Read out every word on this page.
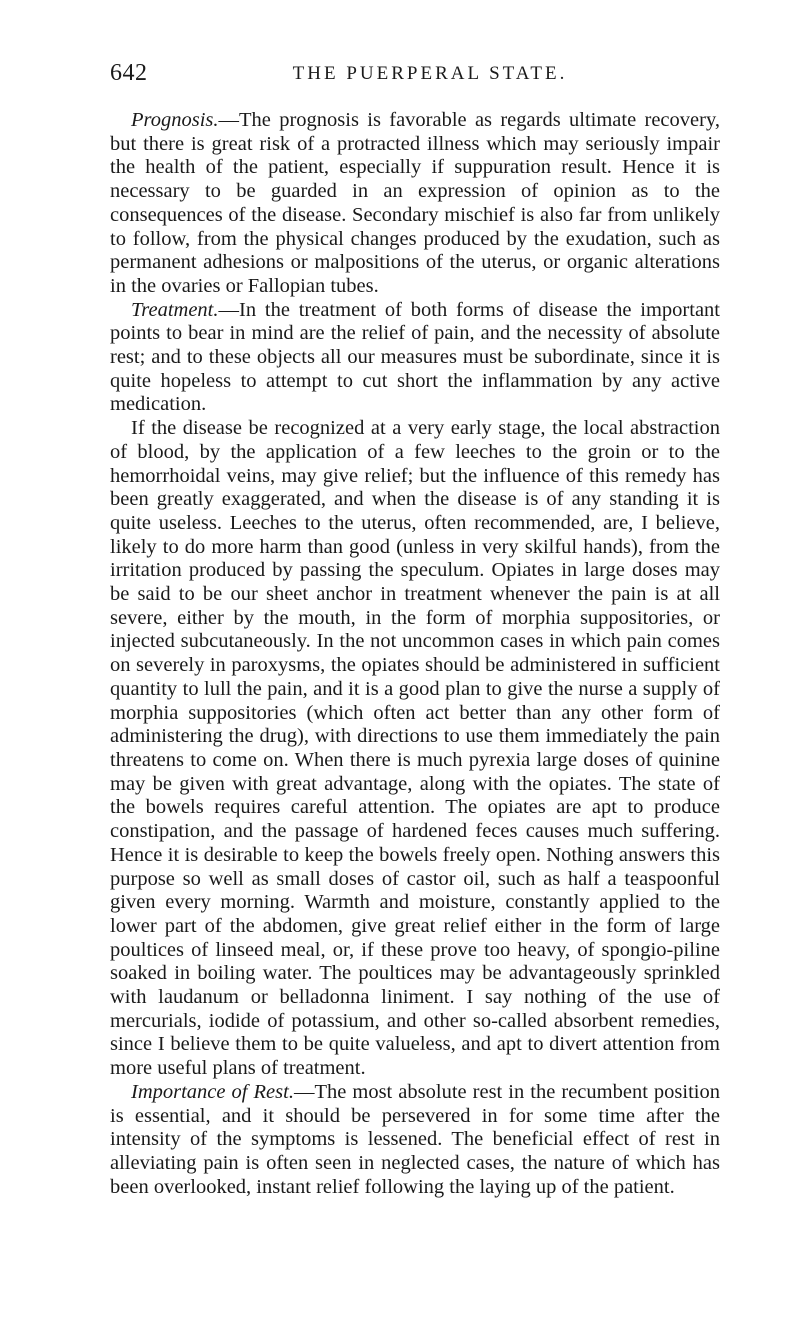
642	THE PUERPERAL STATE.

Prognosis.—The prognosis is favorable as regards ultimate recovery, but there is great risk of a protracted illness which may seriously impair the health of the patient, especially if suppuration result. Hence it is necessary to be guarded in an expression of opinion as to the consequences of the disease. Secondary mischief is also far from unlikely to follow, from the physical changes produced by the exudation, such as permanent adhesions or malpositions of the uterus, or organic alterations in the ovaries or Fallopian tubes.

Treatment.—In the treatment of both forms of disease the important points to bear in mind are the relief of pain, and the necessity of absolute rest; and to these objects all our measures must be subordinate, since it is quite hopeless to attempt to cut short the inflammation by any active medication.

If the disease be recognized at a very early stage, the local abstraction of blood, by the application of a few leeches to the groin or to the hemorrhoidal veins, may give relief; but the influence of this remedy has been greatly exaggerated, and when the disease is of any standing it is quite useless. Leeches to the uterus, often recommended, are, I believe, likely to do more harm than good (unless in very skilful hands), from the irritation produced by passing the speculum. Opiates in large doses may be said to be our sheet anchor in treatment whenever the pain is at all severe, either by the mouth, in the form of morphia suppositories, or injected subcutaneously. In the not uncommon cases in which pain comes on severely in paroxysms, the opiates should be administered in sufficient quantity to lull the pain, and it is a good plan to give the nurse a supply of morphia suppositories (which often act better than any other form of administering the drug), with directions to use them immediately the pain threatens to come on. When there is much pyrexia large doses of quinine may be given with great advantage, along with the opiates. The state of the bowels requires careful attention. The opiates are apt to produce constipation, and the passage of hardened feces causes much suffering. Hence it is desirable to keep the bowels freely open. Nothing answers this purpose so well as small doses of castor oil, such as half a teaspoonful given every morning. Warmth and moisture, constantly applied to the lower part of the abdomen, give great relief either in the form of large poultices of linseed meal, or, if these prove too heavy, of spongio-piline soaked in boiling water. The poultices may be advantageously sprinkled with laudanum or belladonna liniment. I say nothing of the use of mercurials, iodide of potassium, and other so-called absorbent remedies, since I believe them to be quite valueless, and apt to divert attention from more useful plans of treatment.

Importance of Rest.—The most absolute rest in the recumbent position is essential, and it should be persevered in for some time after the intensity of the symptoms is lessened. The beneficial effect of rest in alleviating pain is often seen in neglected cases, the nature of which has been overlooked, instant relief following the laying up of the patient.
